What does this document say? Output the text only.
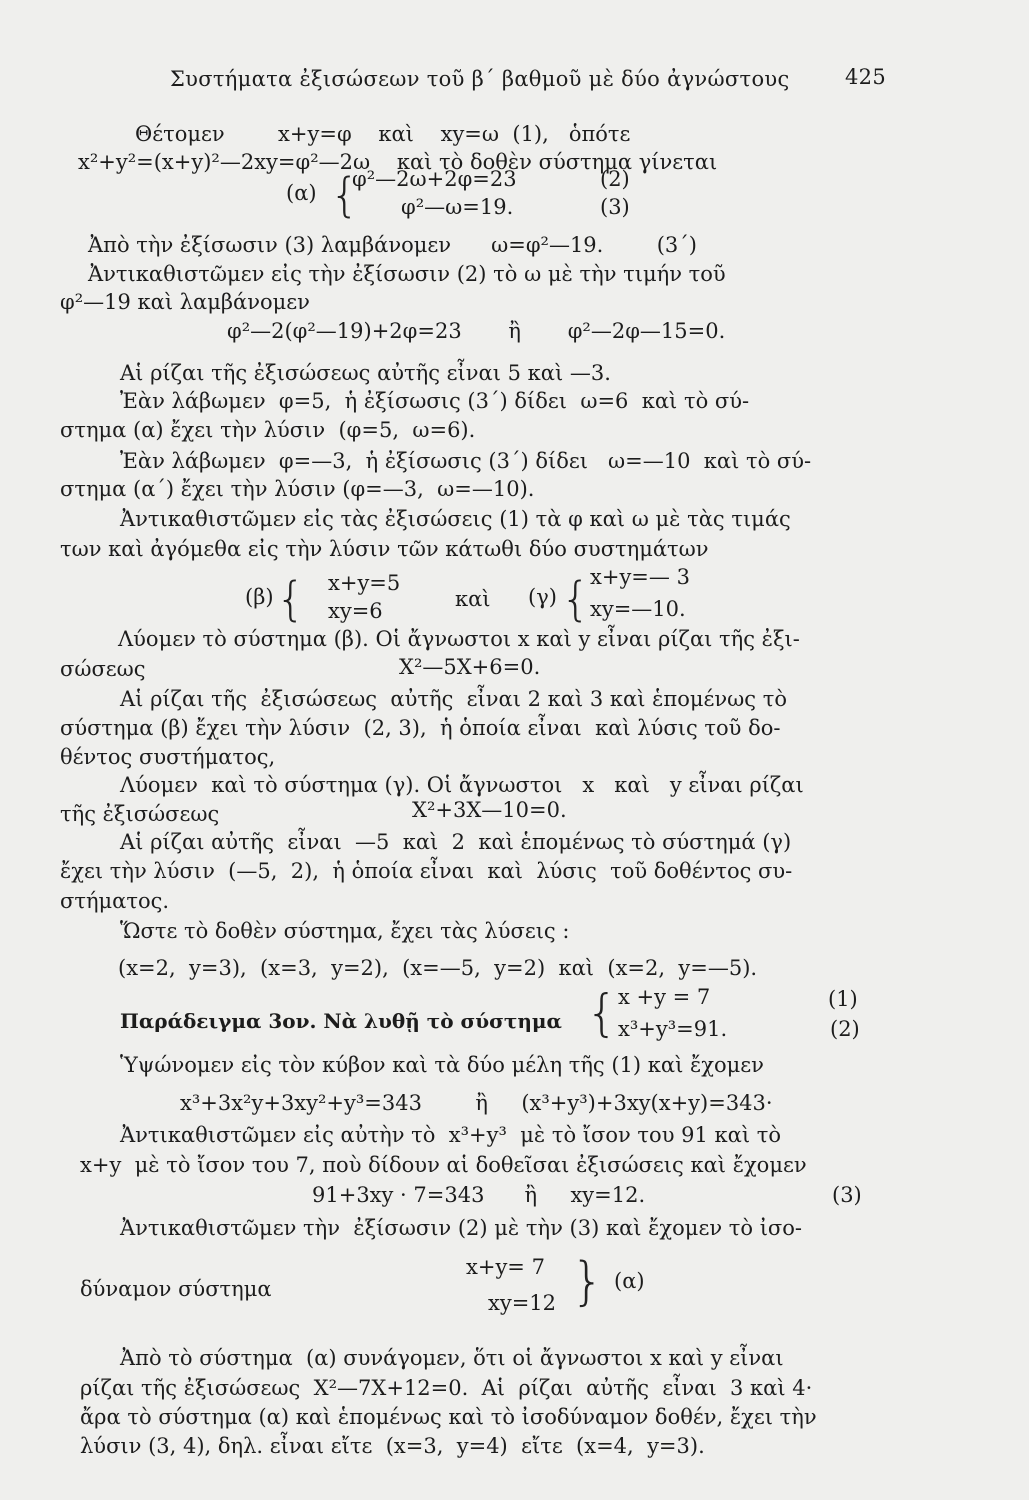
Συστήματα ἐξισώσεων τοῦ β΄ βαθμοῦ μὲ δύο ἀγνώστους	425
Θέτομεν        x+y=φ    καὶ    xy=ω  (1),   ὁπότε
x²+y²=(x+y)²—2xy=φ²—2ω    καὶ τὸ δοθὲν σύστημα γίνεται
(α) {
φ²—2ω+2φ=23	(2)
φ²—ω=19.	(3)
Ἀπὸ τὴν ἐξίσωσιν (3) λαμβάνομεν      ω=φ²—19.        (3΄)
Ἀντικαθιστῶμεν εἰς τὴν ἐξίσωσιν (2) τὸ ω μὲ τὴν τιμήν τοῦ
φ²—19 καὶ λαμβάνομεν
φ²—2(φ²—19)+2φ=23       ἢ       φ²—2φ—15=0.
Αἱ ρίζαι τῆς ἐξισώσεως αὐτῆς εἶναι 5 καὶ —3.
Ἐὰν λάβωμεν  φ=5,  ἡ ἐξίσωσις (3΄) δίδει  ω=6  καὶ τὸ σύ-
στημα (α) ἔχει τὴν λύσιν  (φ=5,  ω=6).
Ἐὰν λάβωμεν  φ=—3,  ἡ ἐξίσωσις (3΄) δίδει   ω=—10  καὶ τὸ σύ-
στημα (α΄) ἔχει τὴν λύσιν (φ=—3,  ω=—10).
Ἀντικαθιστῶμεν εἰς τὰς ἐξισώσεις (1) τὰ φ καὶ ω μὲ τὰς τιμάς
των καὶ ἀγόμεθα εἰς τὴν λύσιν τῶν κάτωθι δύο συστημάτων
(β) { x+y=5
xy=6	καὶ (γ) { x+y=— 3
xy=—10.
Λύομεν τὸ σύστημα (β). Οἱ ἄγνωστοι x καὶ y εἶναι ρίζαι τῆς ἐξι-
σώσεως	X²—5X+6=0.
Αἱ ρίζαι τῆς  ἐξισώσεως  αὐτῆς  εἶναι 2 καὶ 3 καὶ ἑπομένως τὸ
σύστημα (β) ἔχει τὴν λύσιν  (2, 3),  ἡ ὁποία εἶναι  καὶ λύσις τοῦ δο-
θέντος συστήματος,
Λύομεν  καὶ τὸ σύστημα (γ). Οἱ ἄγνωστοι   x   καὶ   y εἶναι ρίζαι
τῆς ἐξισώσεως	X²+3X—10=0.
Αἱ ρίζαι αὐτῆς  εἶναι  —5  καὶ  2  καὶ ἑπομένως τὸ σύστημά (γ)
ἔχει τὴν λύσιν  (—5,  2),  ἡ ὁποία εἶναι  καὶ  λύσις  τοῦ δοθέντος συ-
στήματος.
Ὥστε τὸ δοθὲν σύστημα, ἔχει τὰς λύσεις :
(x=2,  y=3),  (x=3,  y=2),  (x=—5,  y=2)  καὶ  (x=2,  y=—5).
Παράδειγμα 3ον. Νὰ λυθῇ τὸ σύστημα { x +y = 7	(1)
x³+y³=91.	(2)
Ὑψώνομεν εἰς τὸν κύβον καὶ τὰ δύο μέλη τῆς (1) καὶ ἔχομεν
x³+3x²y+3xy²+y³=343        ἢ     (x³+y³)+3xy(x+y)=343·
Ἀντικαθιστῶμεν εἰς αὐτὴν τὸ  x³+y³  μὲ τὸ ἴσον του 91 καὶ τὸ
x+y  μὲ τὸ ἴσον του 7, ποὺ δίδουν αἱ δοθεῖσαι ἐξισώσεις καὶ ἔχομεν
91+3xy · 7=343      ἢ     xy=12.	(3)
Ἀντικαθιστῶμεν τὴν  ἐξίσωσιν (2) μὲ τὴν (3) καὶ ἔχομεν τὸ ἰσο-
x+y= 7
xy=12 } (α)
δύναμον σύστημα
Ἀπὸ τὸ σύστημα  (α) συνάγομεν, ὅτι οἱ ἄγνωστοι x καὶ y εἶναι
ρίζαι τῆς ἐξισώσεως  X²—7X+12=0.  Αἱ  ρίζαι  αὐτῆς  εἶναι  3 καὶ 4·
ἄρα τὸ σύστημα (α) καὶ ἑπομένως καὶ τὸ ἰσοδύναμον δοθέν, ἔχει τὴν
λύσιν (3, 4), δηλ. εἶναι εἴτε  (x=3,  y=4)  εἴτε  (x=4,  y=3).
